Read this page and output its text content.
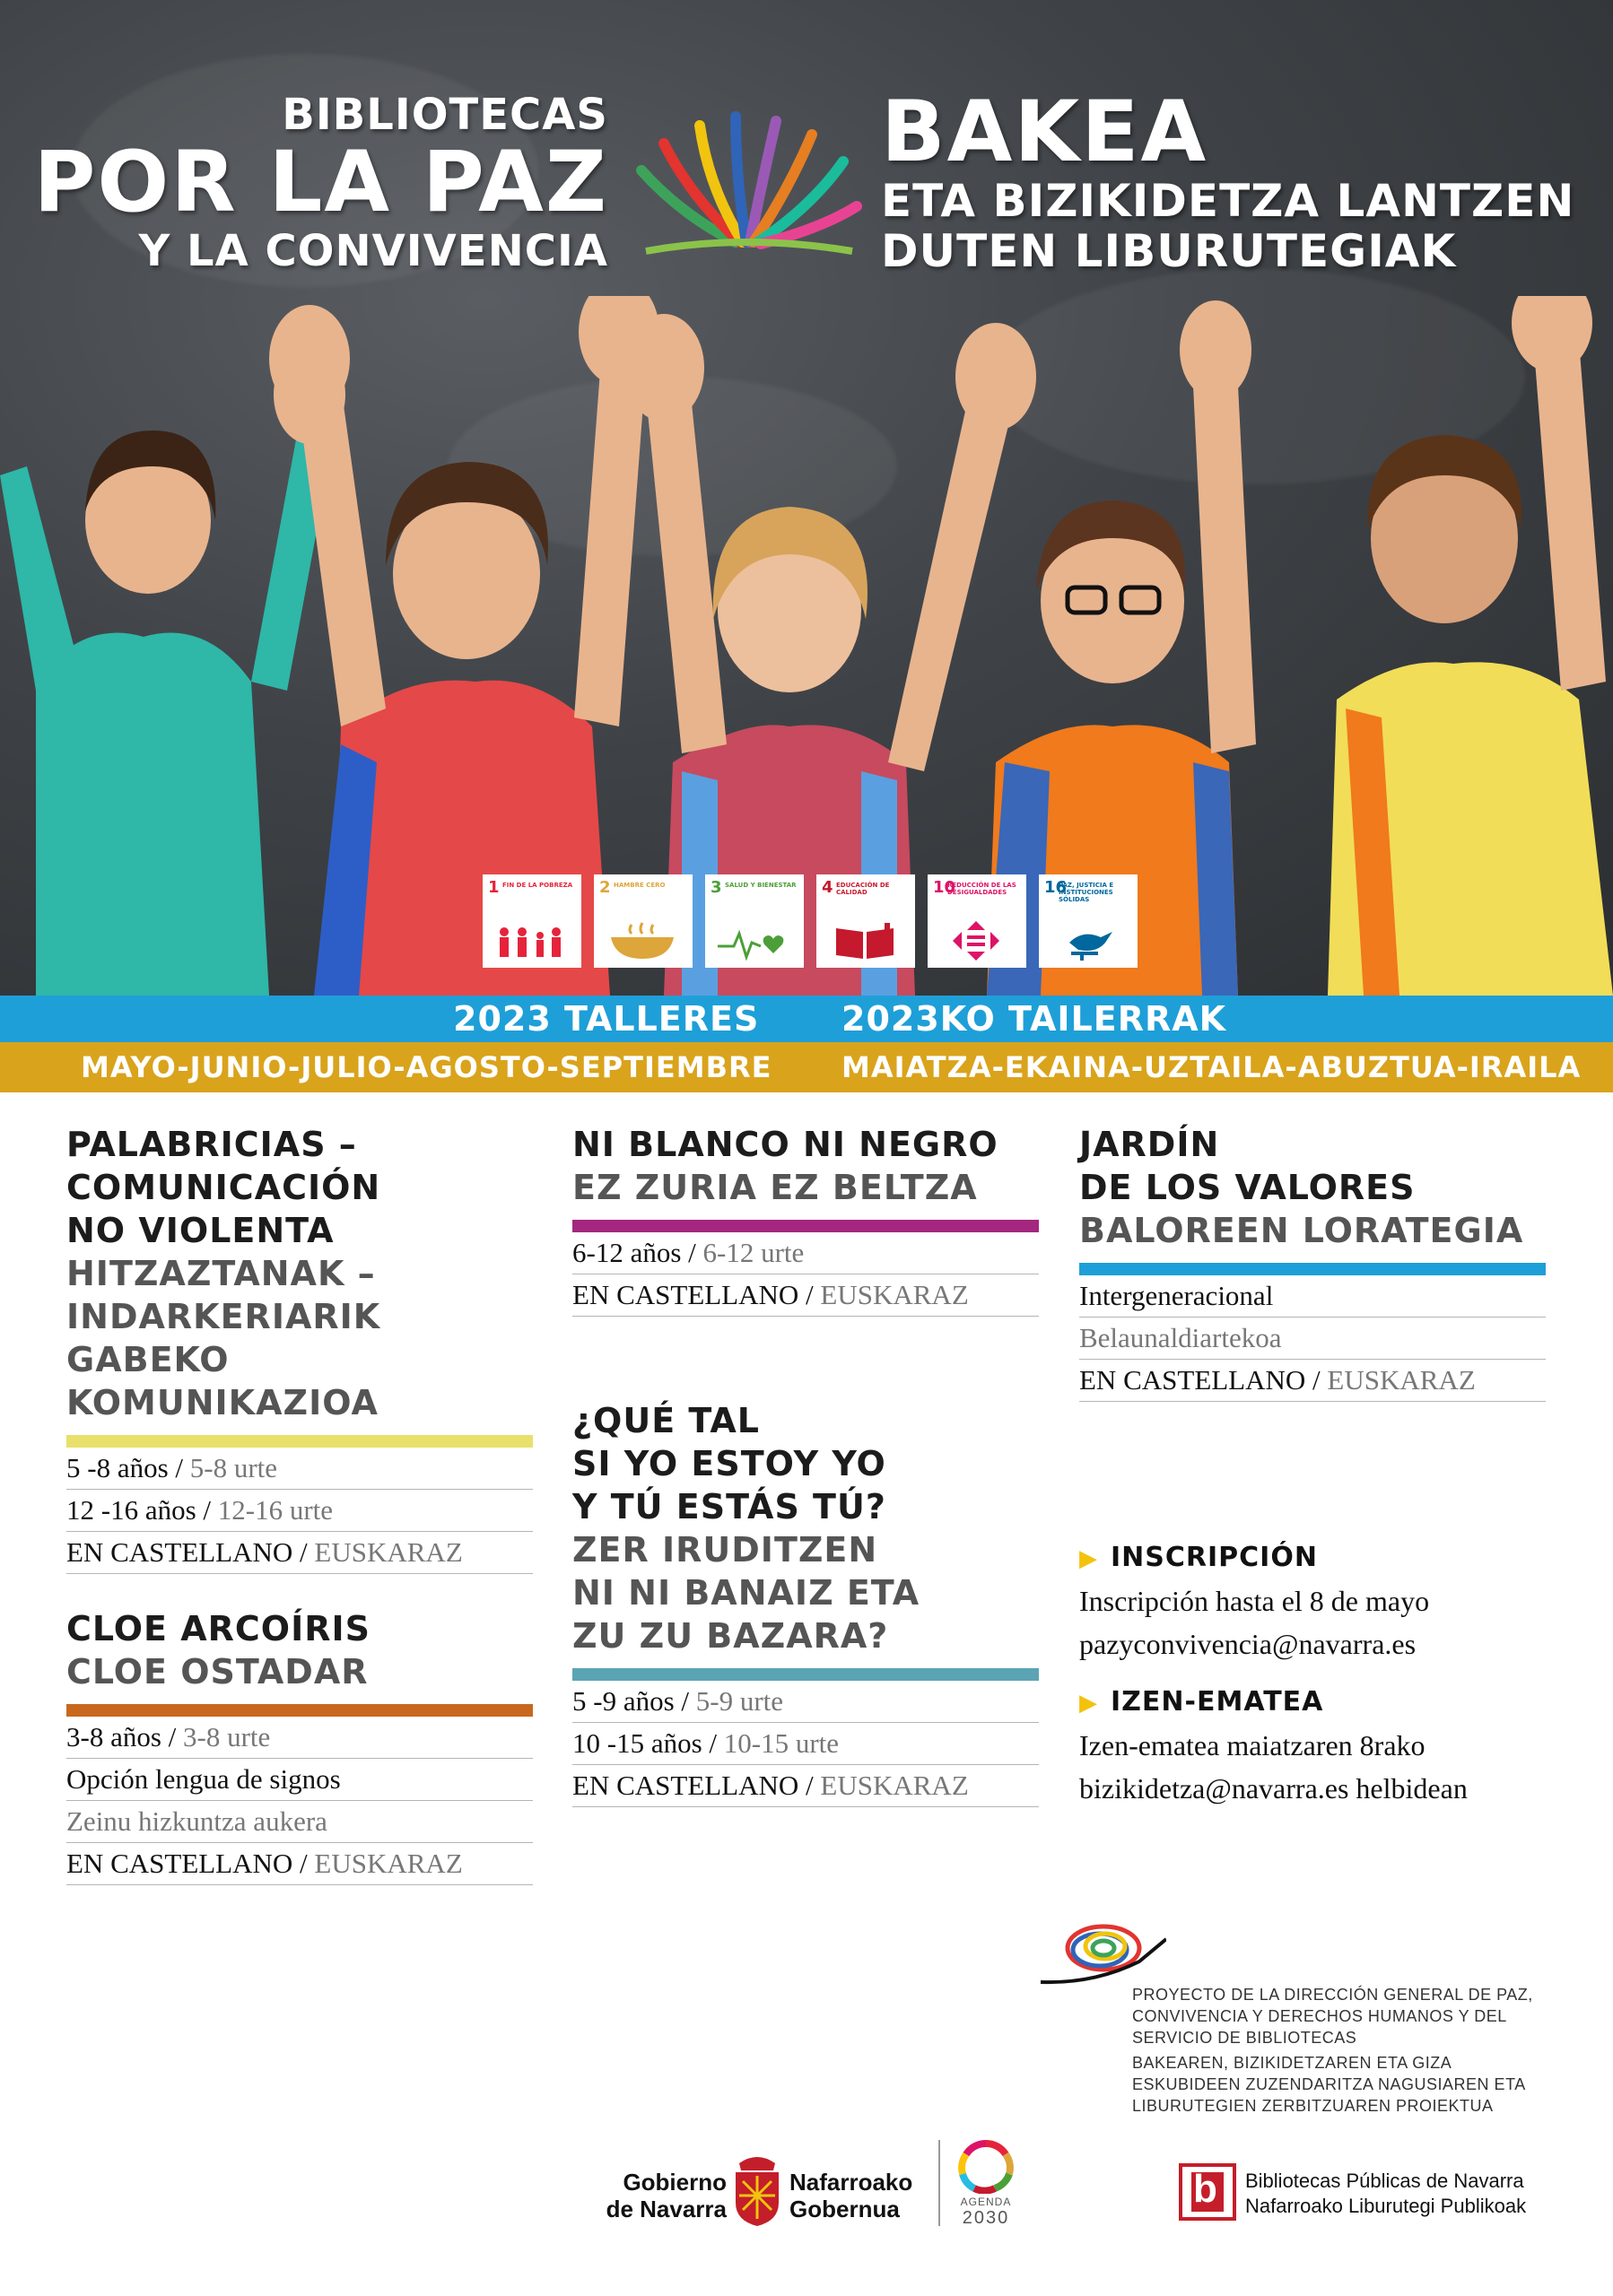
BIBLIOTECAS
POR LA PAZ
Y LA CONVIVENCIA
BAKEA
ETA BIZIKIDETZA LANTZEN
DUTEN LIBURUTEGIAK
1 FIN DE LA POBREZA 2 HAMBRE CERO	3 SALUD Y BIENESTAR 4 EDUCACIÓN DE CALIDAD	10
REDUCCIÓN DE LAS DESIGUALDADES	16
PAZ, JUSTICIA E INSTITUCIONES SÓLIDAS
2023 TALLERES 2023KO TAILERRAK
MAYO-JUNIO-JULIO-AGOSTO-SEPTIEMBRE MAIATZA-EKAINA-UZTAILA-ABUZTUA-IRAILA
PALABRICIAS –
COMUNICACIÓN
NO VIOLENTA
HITZAZTANAK –
INDARKERIARIK
GABEKO
KOMUNIKAZIOA
5 -8 años / 5-8 urte
12 -16 años / 12-16 urte
EN CASTELLANO / EUSKARAZ
CLOE ARCOÍRIS
CLOE OSTADAR
3-8 años / 3-8 urte
Opción lengua de signos
Zeinu hizkuntza aukera
EN CASTELLANO / EUSKARAZ
NI BLANCO NI NEGRO
EZ ZURIA EZ BELTZA
6-12 años / 6-12 urte
EN CASTELLANO / EUSKARAZ
¿QUÉ TAL
SI YO ESTOY YO
Y TÚ ESTÁS TÚ?
ZER IRUDITZEN
NI NI BANAIZ ETA
ZU ZU BAZARA?
5 -9 años / 5-9 urte
10 -15 años / 10-15 urte
EN CASTELLANO / EUSKARAZ
JARDÍN
DE LOS VALORES
BALOREEN LORATEGIA
Intergeneracional
Belaunaldiartekoa
EN CASTELLANO / EUSKARAZ
▶ INSCRIPCIÓN
Inscripción hasta el 8 de mayo
pazyconvivencia@navarra.es
▶ IZEN-EMATEA
Izen-ematea maiatzaren 8rako
bizikidetza@navarra.es helbidean
PROYECTO DE LA DIRECCIÓN GENERAL DE PAZ,
CONVIVENCIA Y DERECHOS HUMANOS Y DEL
SERVICIO DE BIBLIOTECAS
BAKEAREN, BIZIKIDETZAREN ETA GIZA
ESKUBIDEEN ZUZENDARITZA NAGUSIAREN ETA
LIBURUTEGIEN ZERBITZUAREN PROIEKTUA
Gobierno
de Navarra
Nafarroako
Gobernua	AGENDA
2030
b Bibliotecas Públicas de Navarra
Nafarroako Liburutegi Publikoak
